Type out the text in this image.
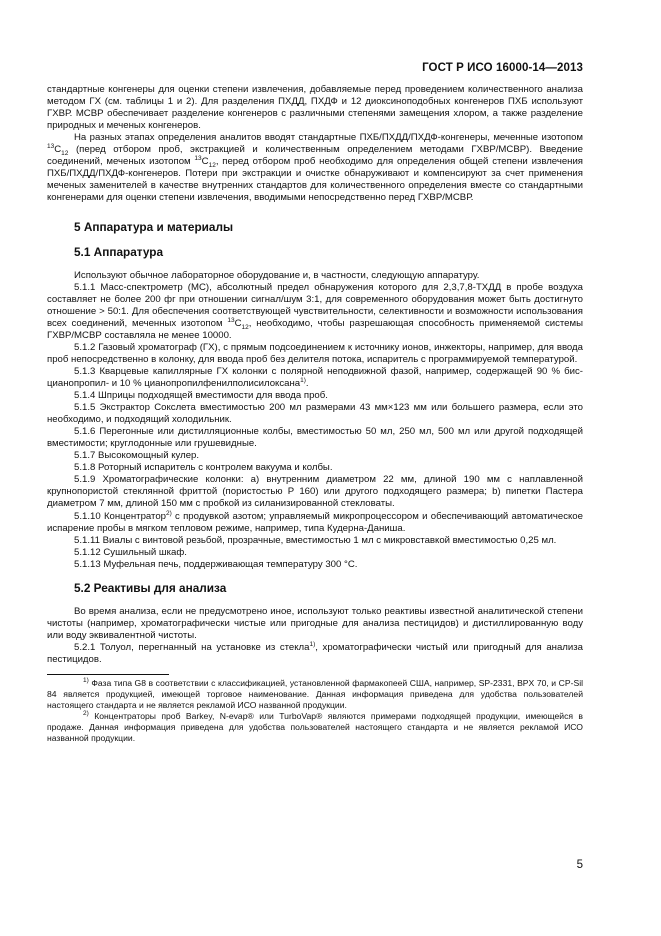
ГОСТ Р ИСО 16000-14—2013

стандартные конгенеры для оценки степени извлечения, добавляемые перед проведением количественного анализа методом ГХ (см. таблицы 1 и 2). Для разделения ПХДД, ПХДФ и 12 диоксиноподобных конгенеров ПХБ используют ГХВР. МСВР обеспечивает разделение конгенеров с различными степенями замещения хлором, а также разделение природных и меченых конгенеров.

На разных этапах определения аналитов вводят стандартные ПХБ/ПХДД/ПХДФ-конгенеры, меченные изотопом $^{13}С_{12}$ (перед отбором проб, экстракцией и количественным определением методами ГХВР/МСВР). Введение соединений, меченых изотопом $^{13}С_{12}$, перед отбором проб необходимо для определения общей степени извлечения ПХБ/ПХДД/ПХДФ-конгенеров. Потери при экстракции и очистке обнаруживают и компенсируют за счет применения меченых заменителей в качестве внутренних стандартов для количественного определения вместе со стандартными конгенерами для оценки степени извлечения, вводимыми непосредственно перед ГХВР/МСВР.

5 Аппаратура и материалы
5.1 Аппаратура

Используют обычное лабораторное оборудование и, в частности, следующую аппаратуру.

5.1.1 Масс-спектрометр (МС), абсолютный предел обнаружения которого для 2,3,7,8-ТХДД в пробе воздуха составляет не более 200 фг при отношении сигнал/шум 3:1, для современного оборудования может быть достигнуто отношение > 50:1. Для обеспечения соответствующей чувствительности, селективности и возможности использования всех соединений, меченных изотопом $^{13}С_{12}$, необходимо, чтобы разрешающая способность применяемой системы ГХВР/МСВР составляла не менее 10000.

5.1.2 Газовый хроматограф (ГХ), с прямым подсоединением к источнику ионов, инжекторы, например, для ввода проб непосредственно в колонку, для ввода проб без делителя потока, испаритель с программируемой температурой.

5.1.3 Кварцевые капиллярные ГХ колонки с полярной неподвижной фазой, например, содержащей 90 % бис-цианопропил- и 10 % цианопропилфенилполисилоксана$^{1)}$.

5.1.4 Шприцы подходящей вместимости для ввода проб.

5.1.5 Экстрактор Сокслета вместимостью 200 мл размерами 43 мм×123 мм или большего размера, если это необходимо, и подходящий холодильник.

5.1.6 Перегонные или дистилляционные колбы, вместимостью 50 мл, 250 мл, 500 мл или другой подходящей вместимости; круглодонные или грушевидные.

5.1.7 Высокомощный кулер.

5.1.8 Роторный испаритель с контролем вакуума и колбы.

5.1.9 Хроматографические колонки: а) внутренним диаметром 22 мм, длиной 190 мм с наплавленной крупнопористой стеклянной фриттой (пористостью Р 160) или другого подходящего размера; b) пипетки Пастера диаметром 7 мм, длиной 150 мм с пробкой из силанизированной стекловаты.

5.1.10 Концентратор$^{2)}$ с продувкой азотом; управляемый микропроцессором и обеспечивающий автоматическое испарение пробы в мягком тепловом режиме, например, типа Кудерна-Даниша.

5.1.11 Виалы с винтовой резьбой, прозрачные, вместимостью 1 мл с микровставкой вместимостью 0,25 мл.

5.1.12 Сушильный шкаф.

5.1.13 Муфельная печь, поддерживающая температуру 300 °С.

5.2 Реактивы для анализа

Во время анализа, если не предусмотрено иное, используют только реактивы известной аналитической степени чистоты (например, хроматографически чистые или пригодные для анализа пестицидов) и дистиллированную воду или воду эквивалентной чистоты.

5.2.1 Толуол, перегнанный на установке из стекла$^{1)}$, хроматографически чистый или пригодный для анализа пестицидов.

$^{1)}$ Фаза типа G8 в соответствии с классификацией, установленной фармакопеей США, например, SP-2331, BPX 70, и CP-Sil 84 является продукцией, имеющей торговое наименование. Данная информация приведена для удобства пользователей настоящего стандарта и не является рекламой ИСО названной продукции.

$^{2)}$ Концентраторы проб Barkey, N-evap® или TurboVap® являются примерами подходящей продукции, имеющейся в продаже. Данная информация приведена для удобства пользователей настоящего стандарта и не является рекламой ИСО названной продукции.

5
